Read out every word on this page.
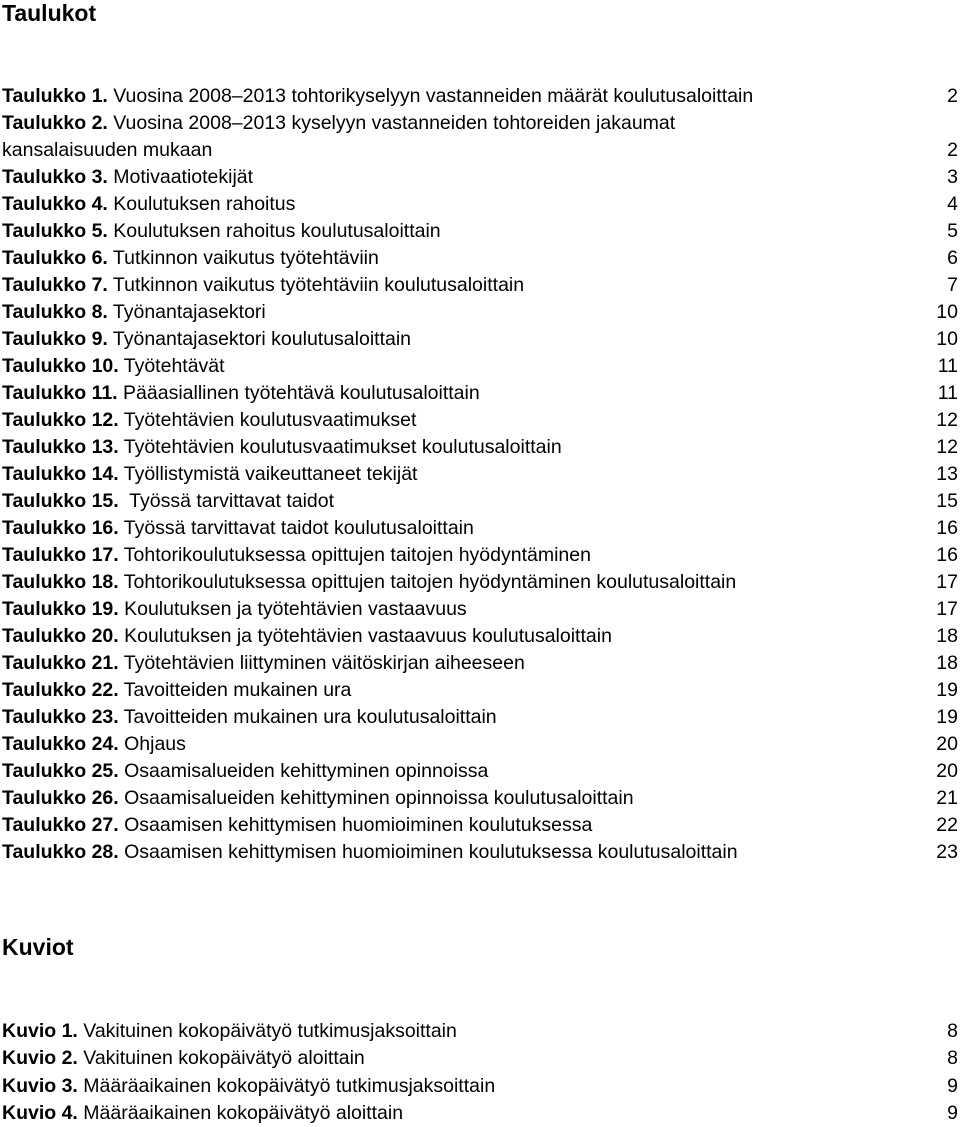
Taulukot
Taulukko 1. Vuosina 2008–2013 tohtorikyselyyn vastanneiden määrät koulutusaloittain	2
Taulukko 2. Vuosina 2008–2013 kyselyyn vastanneiden tohtoreiden jakaumat
kansalaisuuden mukaan	2
Taulukko 3. Motivaatiotekijät	3
Taulukko 4. Koulutuksen rahoitus	4
Taulukko 5. Koulutuksen rahoitus koulutusaloittain	5
Taulukko 6. Tutkinnon vaikutus työtehtäviin	6
Taulukko 7. Tutkinnon vaikutus työtehtäviin koulutusaloittain	7
Taulukko 8. Työnantajasektori	10
Taulukko 9. Työnantajasektori koulutusaloittain	10
Taulukko 10. Työtehtävät	11
Taulukko 11. Pääasiallinen työtehtävä koulutusaloittain	11
Taulukko 12. Työtehtävien koulutusvaatimukset	12
Taulukko 13. Työtehtävien koulutusvaatimukset koulutusaloittain	12
Taulukko 14. Työllistymistä vaikeuttaneet tekijät	13
Taulukko 15.  Työssä tarvittavat taidot	15
Taulukko 16. Työssä tarvittavat taidot koulutusaloittain	16
Taulukko 17. Tohtorikoulutuksessa opittujen taitojen hyödyntäminen	16
Taulukko 18. Tohtorikoulutuksessa opittujen taitojen hyödyntäminen koulutusaloittain	17
Taulukko 19. Koulutuksen ja työtehtävien vastaavuus	17
Taulukko 20. Koulutuksen ja työtehtävien vastaavuus koulutusaloittain	18
Taulukko 21. Työtehtävien liittyminen väitöskirjan aiheeseen	18
Taulukko 22. Tavoitteiden mukainen ura	19
Taulukko 23. Tavoitteiden mukainen ura koulutusaloittain	19
Taulukko 24. Ohjaus	20
Taulukko 25. Osaamisalueiden kehittyminen opinnoissa	20
Taulukko 26. Osaamisalueiden kehittyminen opinnoissa koulutusaloittain	21
Taulukko 27. Osaamisen kehittymisen huomioiminen koulutuksessa	22
Taulukko 28. Osaamisen kehittymisen huomioiminen koulutuksessa koulutusaloittain	23
Kuviot
Kuvio 1. Vakituinen kokopäivätyö tutkimusjaksoittain	8
Kuvio 2. Vakituinen kokopäivätyö aloittain	8
Kuvio 3. Määräaikainen kokopäivätyö tutkimusjaksoittain	9
Kuvio 4. Määräaikainen kokopäivätyö aloittain	9
